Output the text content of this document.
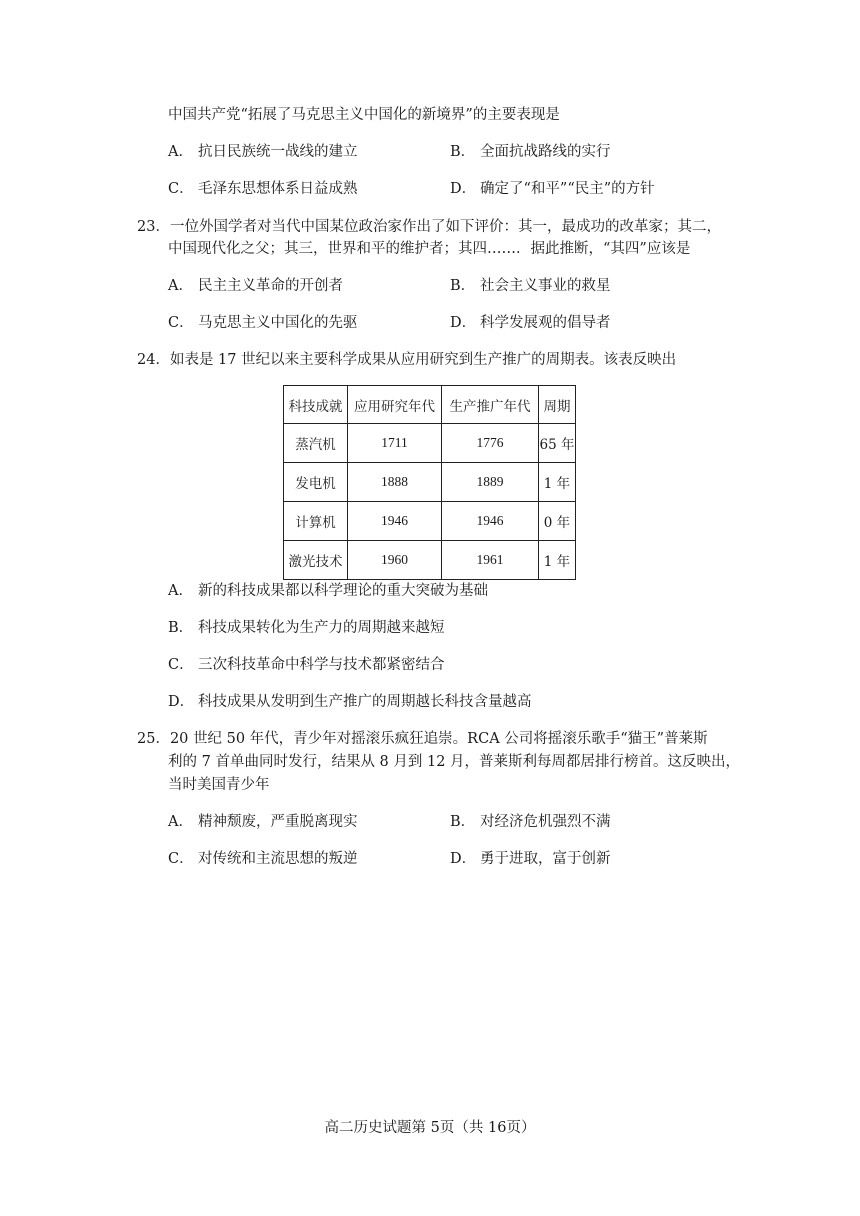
中国共产党“拓展了马克思主义中国化的新境界”的主要表现是
A． 抗日民族统一战线的建立	B． 全面抗战路线的实行
C． 毛泽东思想体系日益成熟	D． 确定了“和平”“民主”的方针
23．一位外国学者对当代中国某位政治家作出了如下评价：其一，最成功的改革家；其二，
中国现代化之父；其三，世界和平的维护者；其四……．据此推断，“其四”应该是
A． 民主主义革命的开创者	B． 社会主义事业的救星
C． 马克思主义中国化的先驱	D． 科学发展观的倡导者
24．如表是 17 世纪以来主要科学成果从应用研究到生产推广的周期表。该表反映出
科技成就	应用研究年代	生产推广年代	周期
蒸汽机	1711	1776	65 年
发电机	1888	1889	1 年
计算机	1946	1946	0 年
激光技术	1960	1961	1 年
A． 新的科技成果都以科学理论的重大突破为基础
B． 科技成果转化为生产力的周期越来越短
C． 三次科技革命中科学与技术都紧密结合
D． 科技成果从发明到生产推广的周期越长科技含量越高
25．20 世纪 50 年代，青少年对摇滚乐疯狂追崇。RCA 公司将摇滚乐歌手“猫王”普莱斯
利的 7 首单曲同时发行，结果从 8 月到 12 月，普莱斯利每周都居排行榜首。这反映出，
当时美国青少年
A． 精神颓废，严重脱离现实	B． 对经济危机强烈不满
C． 对传统和主流思想的叛逆	D． 勇于进取，富于创新
高二历史试题第 5页（共 16页）
